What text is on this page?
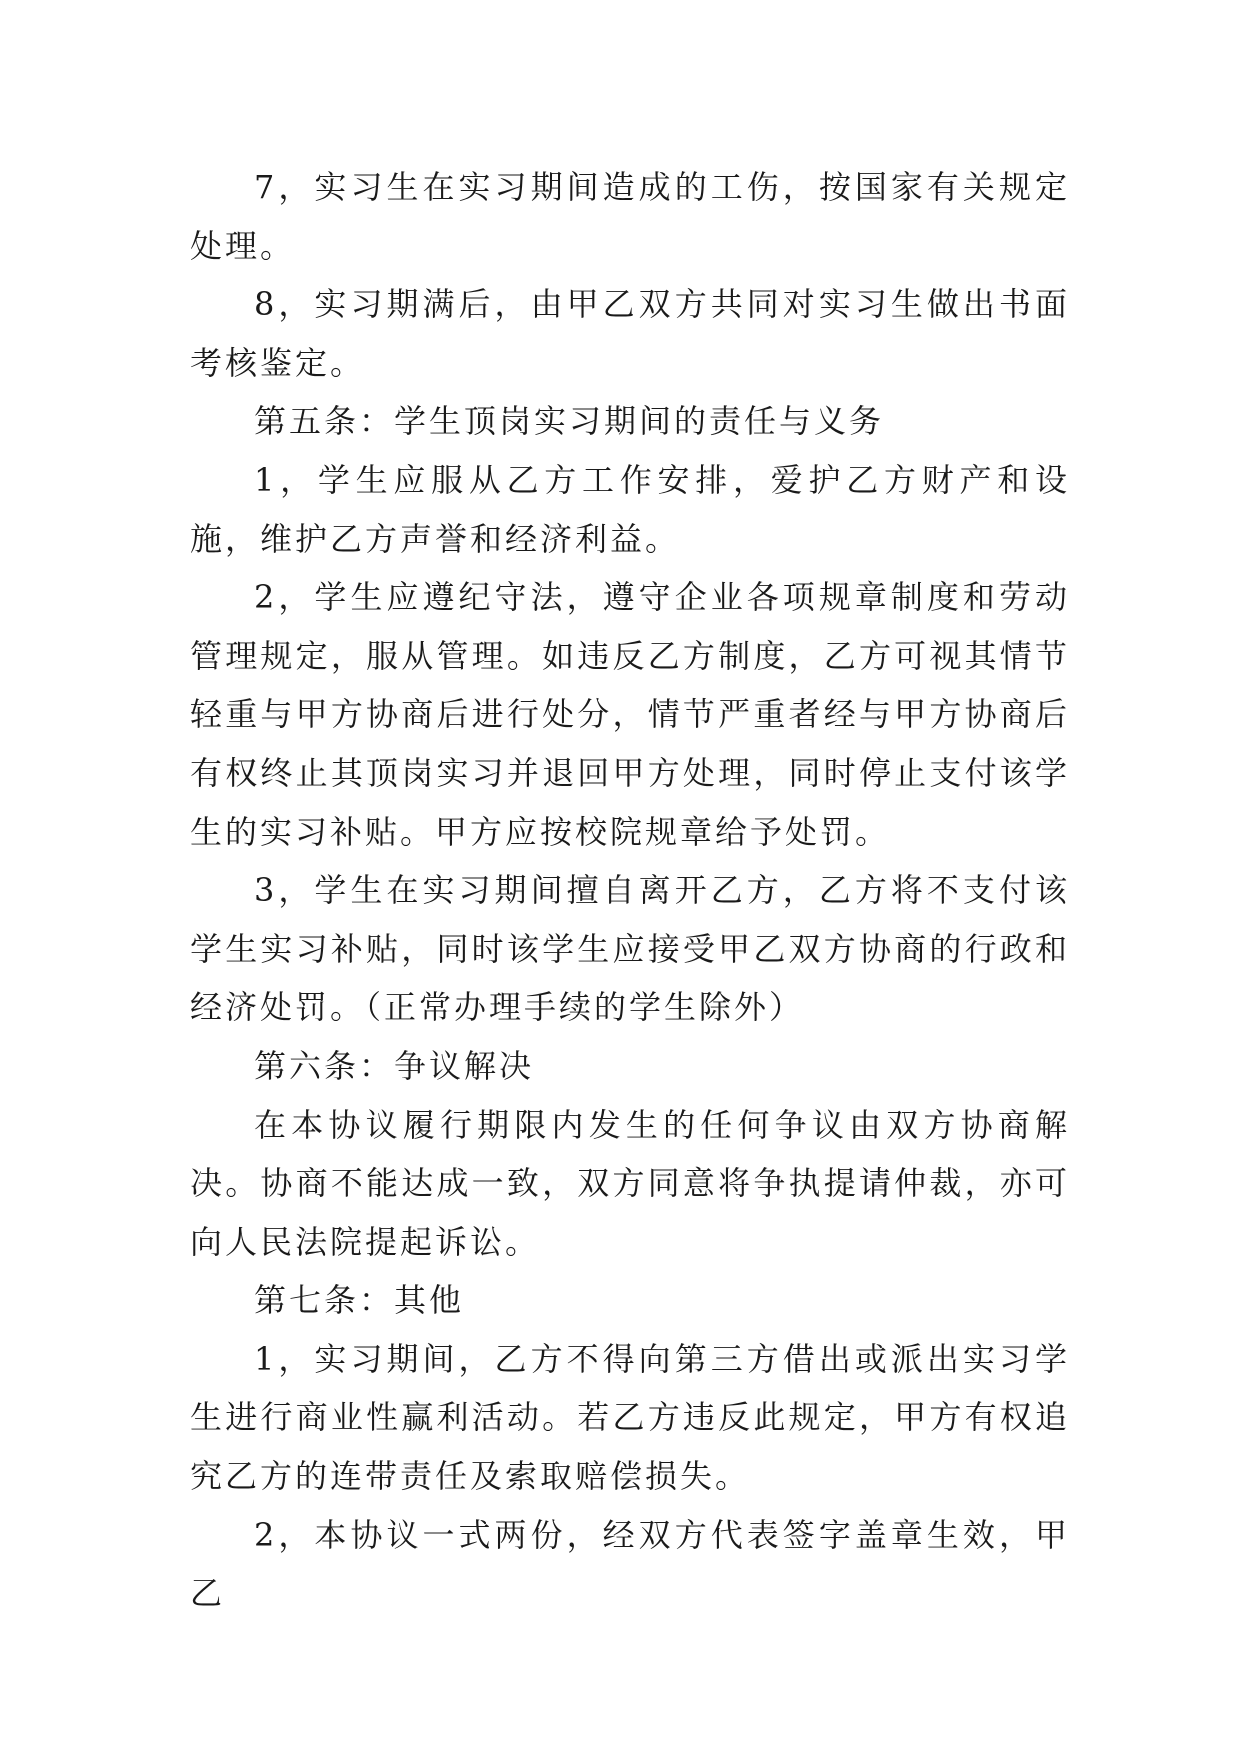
7，实习生在实习期间造成的工伤，按国家有关规定处理。

8，实习期满后，由甲乙双方共同对实习生做出书面考核鉴定。

第五条：学生顶岗实习期间的责任与义务

1，学生应服从乙方工作安排，爱护乙方财产和设施，维护乙方声誉和经济利益。

2，学生应遵纪守法，遵守企业各项规章制度和劳动管理规定，服从管理。如违反乙方制度，乙方可视其情节轻重与甲方协商后进行处分，情节严重者经与甲方协商后有权终止其顶岗实习并退回甲方处理，同时停止支付该学生的实习补贴。甲方应按校院规章给予处罚。

3，学生在实习期间擅自离开乙方，乙方将不支付该学生实习补贴，同时该学生应接受甲乙双方协商的行政和经济处罚。（正常办理手续的学生除外）

第六条：争议解决

在本协议履行期限内发生的任何争议由双方协商解决。协商不能达成一致，双方同意将争执提请仲裁，亦可向人民法院提起诉讼。

第七条：其他

1，实习期间，乙方不得向第三方借出或派出实习学生进行商业性赢利活动。若乙方违反此规定，甲方有权追究乙方的连带责任及索取赔偿损失。

2，本协议一式两份，经双方代表签字盖章生效，甲乙
